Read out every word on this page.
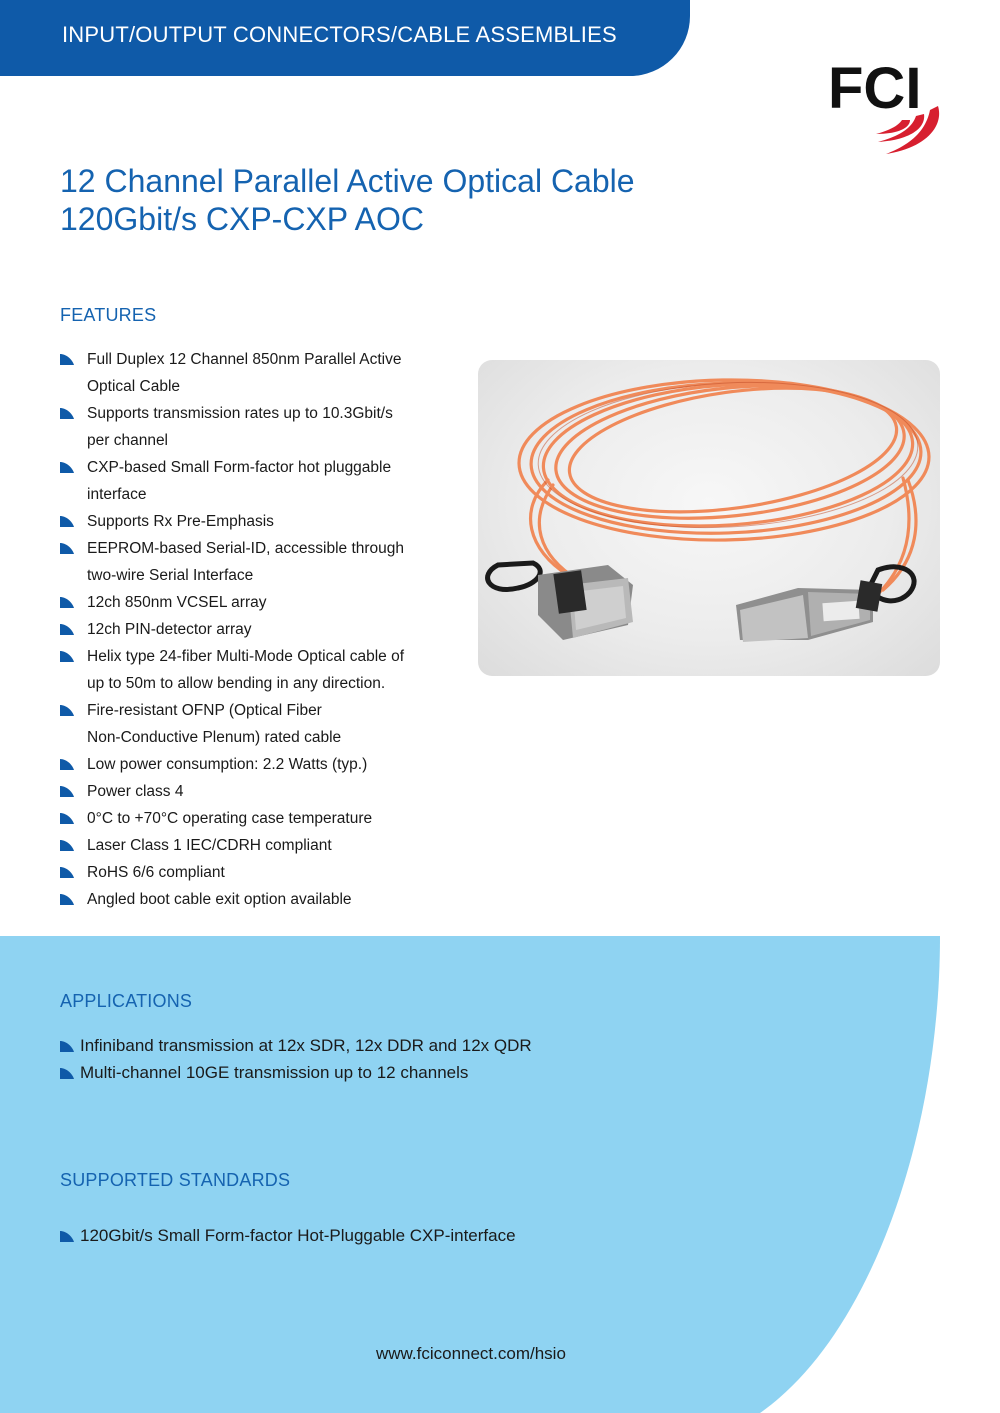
INPUT/OUTPUT CONNECTORS/CABLE ASSEMBLIES
FCI
12 Channel Parallel Active Optical Cable
120Gbit/s CXP-CXP AOC
FEATURES
Full Duplex 12 Channel 850nm Parallel Active
Optical Cable
Supports transmission rates up to 10.3Gbit/s
per channel
CXP-based Small Form-factor hot pluggable
interface
Supports Rx Pre-Emphasis
EEPROM-based Serial-ID, accessible through
two-wire Serial Interface
12ch 850nm VCSEL array
12ch PIN-detector array
Helix type 24-fiber Multi-Mode Optical cable of
up to 50m to allow bending in any direction.
Fire-resistant OFNP (Optical Fiber
Non-Conductive Plenum) rated cable
Low power consumption: 2.2 Watts (typ.)
Power class 4
0°C to +70°C operating case temperature
Laser Class 1 IEC/CDRH compliant
RoHS 6/6 compliant
Angled boot cable exit option available
APPLICATIONS
Infiniband transmission at 12x SDR, 12x DDR and 12x QDR
Multi-channel 10GE transmission up to 12 channels
SUPPORTED STANDARDS
120Gbit/s Small Form-factor Hot-Pluggable CXP-interface
www.fciconnect.com/hsio
